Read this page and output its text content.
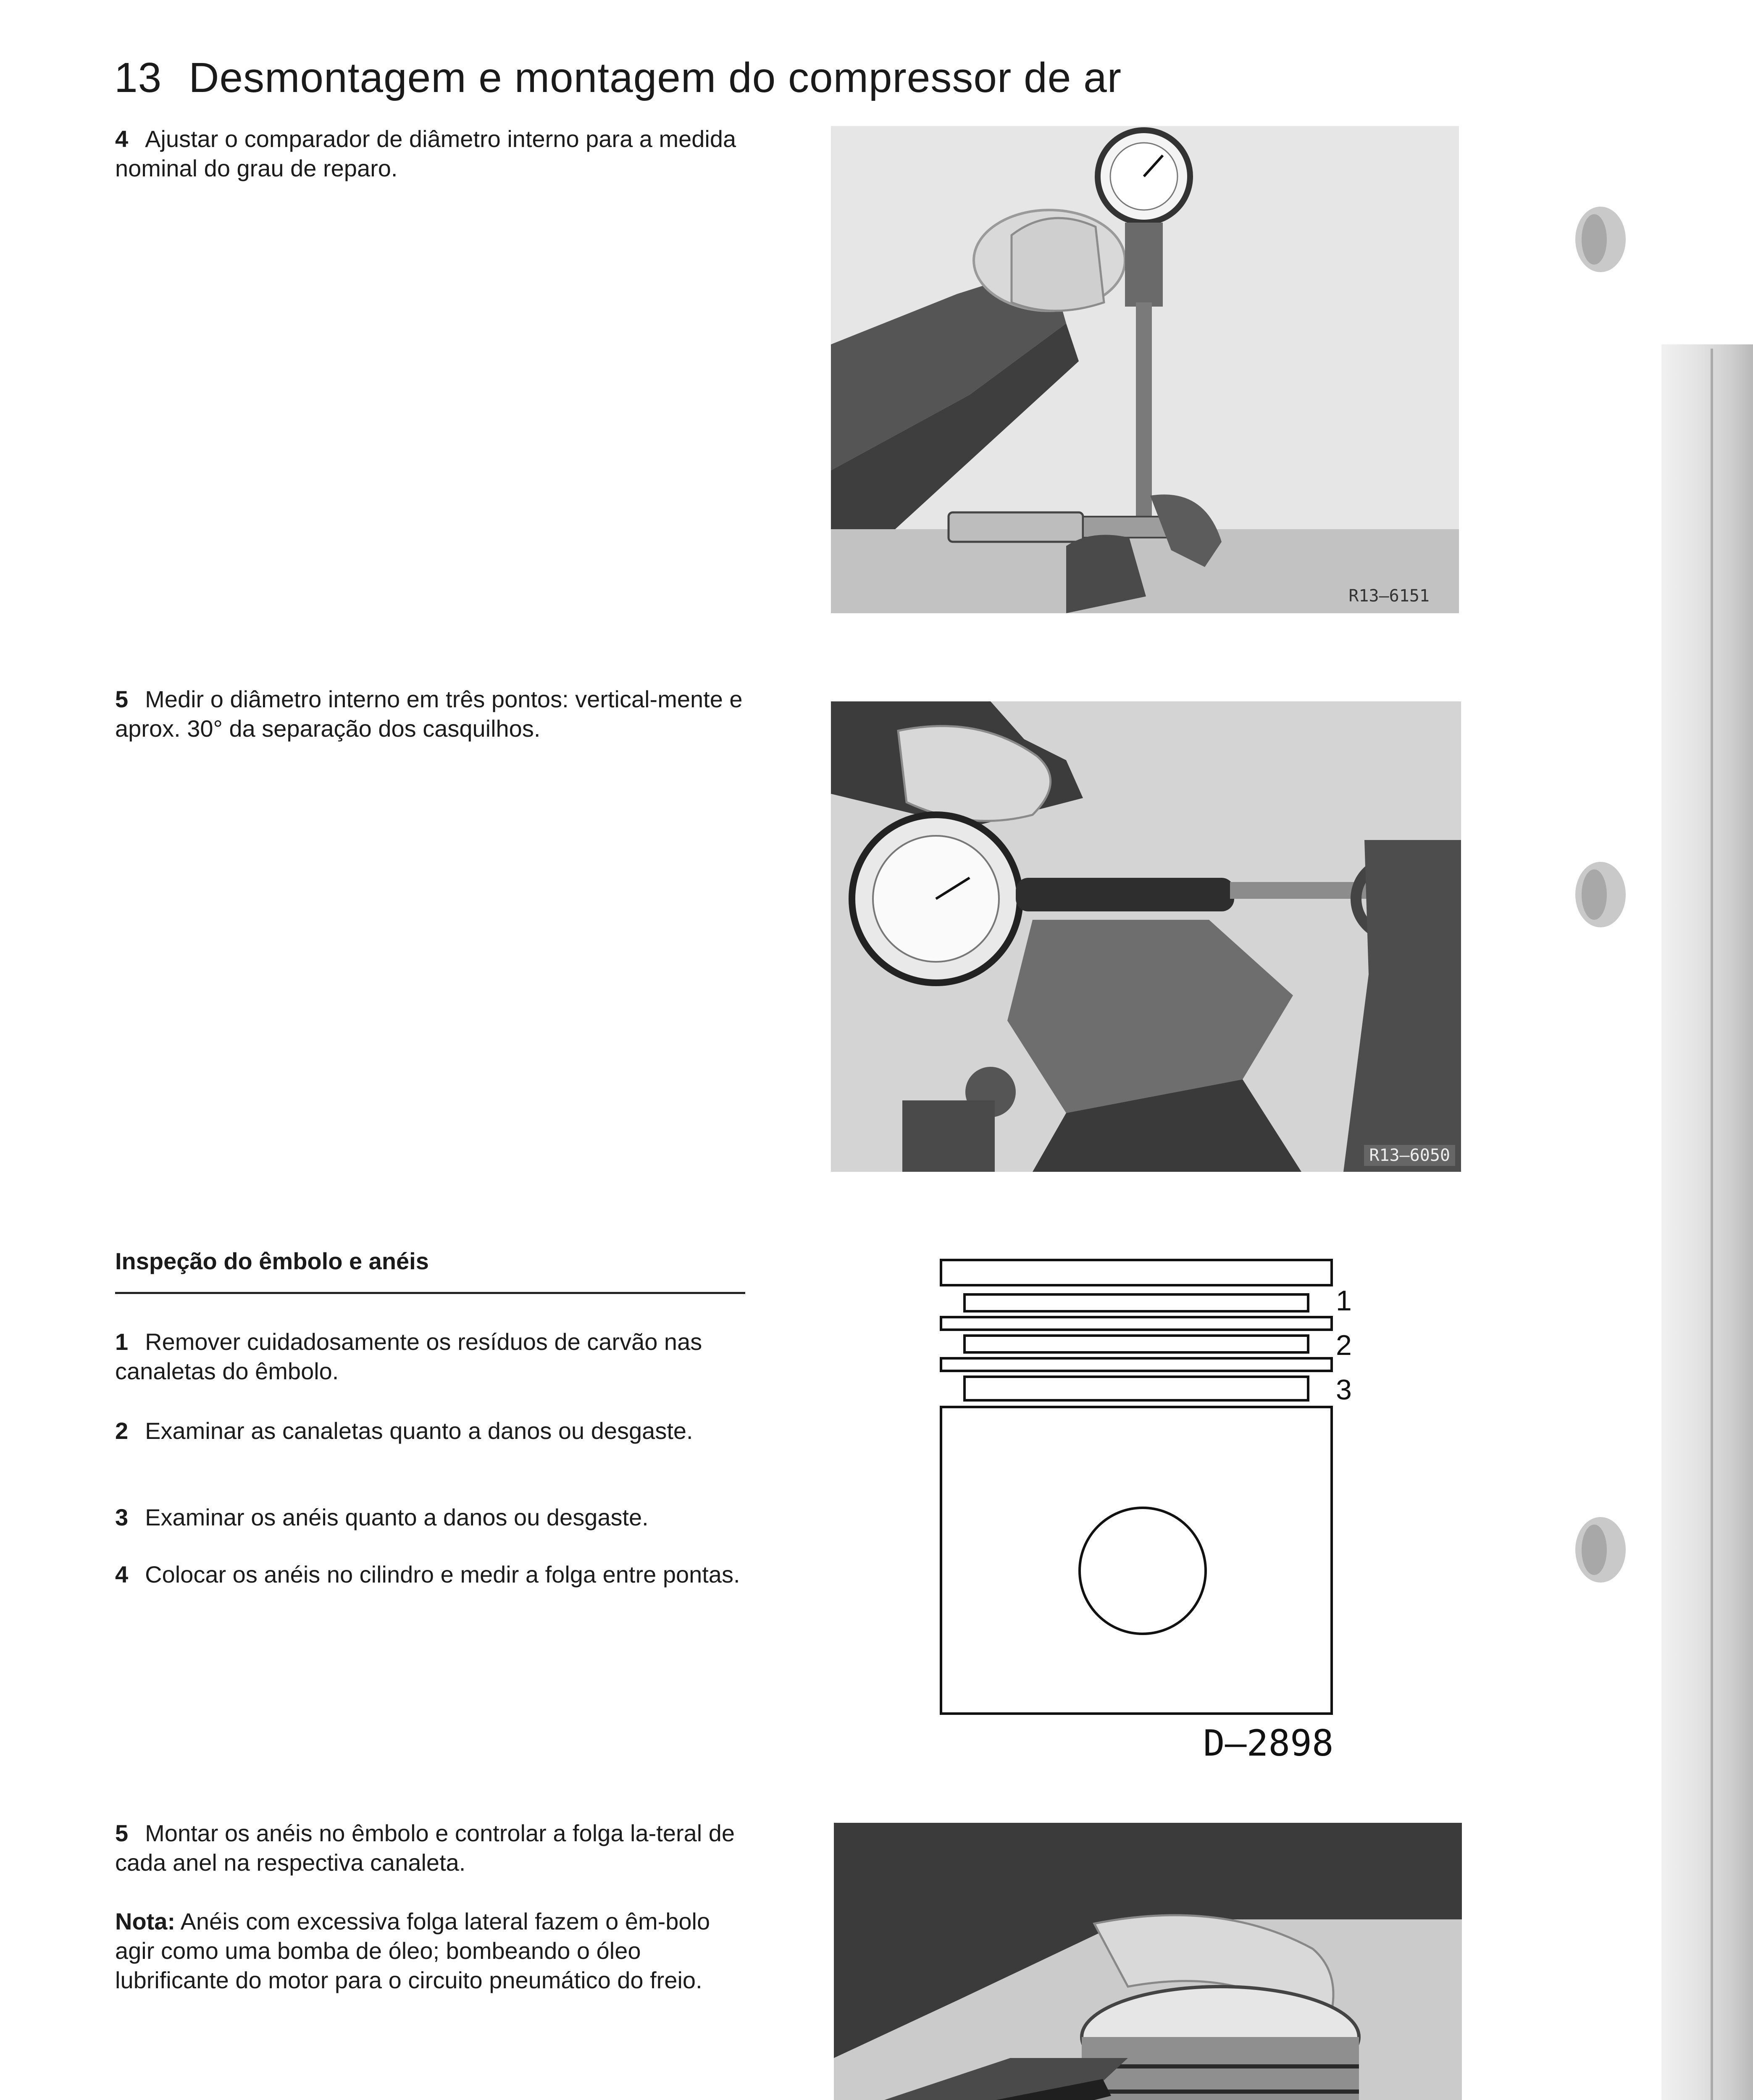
13 Desmontagem e montagem do compressor de ar
4 Ajustar o comparador de diâmetro interno para a medida nominal do grau de reparo.
5 Medir o diâmetro interno em três pontos: vertical-mente e aprox. 30° da separação dos casquilhos.
R13–6151
R13–6050
Inspeção do êmbolo e anéis
1 Remover cuidadosamente os resíduos de carvão nas canaletas do êmbolo.
2 Examinar as canaletas quanto a danos ou desgaste.
3 Examinar os anéis quanto a danos ou desgaste.
4 Colocar os anéis no cilindro e medir a folga entre pontas.
5 Montar os anéis no êmbolo e controlar a folga la-teral de cada anel na respectiva canaleta.
Nota: Anéis com excessiva folga lateral fazem o êm-bolo agir como uma bomba de óleo; bombeando o óleo lubrificante do motor para o circuito pneumático do freio.
1
2
3
D–2898
